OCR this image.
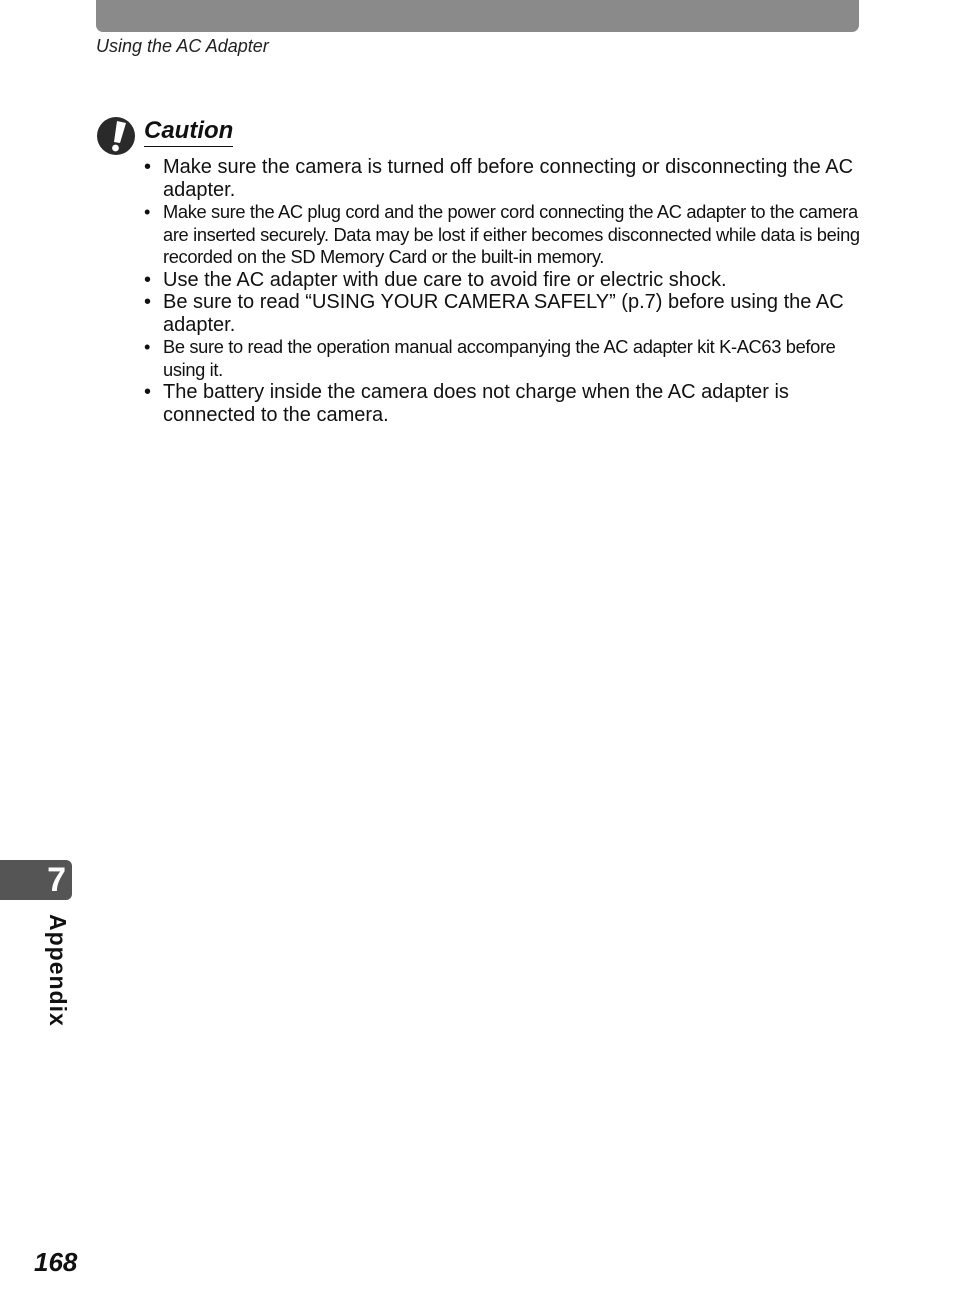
Using the AC Adapter
Caution
• Make sure the camera is turned off before connecting or disconnecting the AC adapter.
• Make sure the AC plug cord and the power cord connecting the AC adapter to the camera are inserted securely. Data may be lost if either becomes disconnected while data is being recorded on the SD Memory Card or the built-in memory.
• Use the AC adapter with due care to avoid fire or electric shock.
• Be sure to read “USING YOUR CAMERA SAFELY” (p.7) before using the AC adapter.
• Be sure to read the operation manual accompanying the AC adapter kit K-AC63 before using it.
• The battery inside the camera does not charge when the AC adapter is connected to the camera.
7
Appendix
168
